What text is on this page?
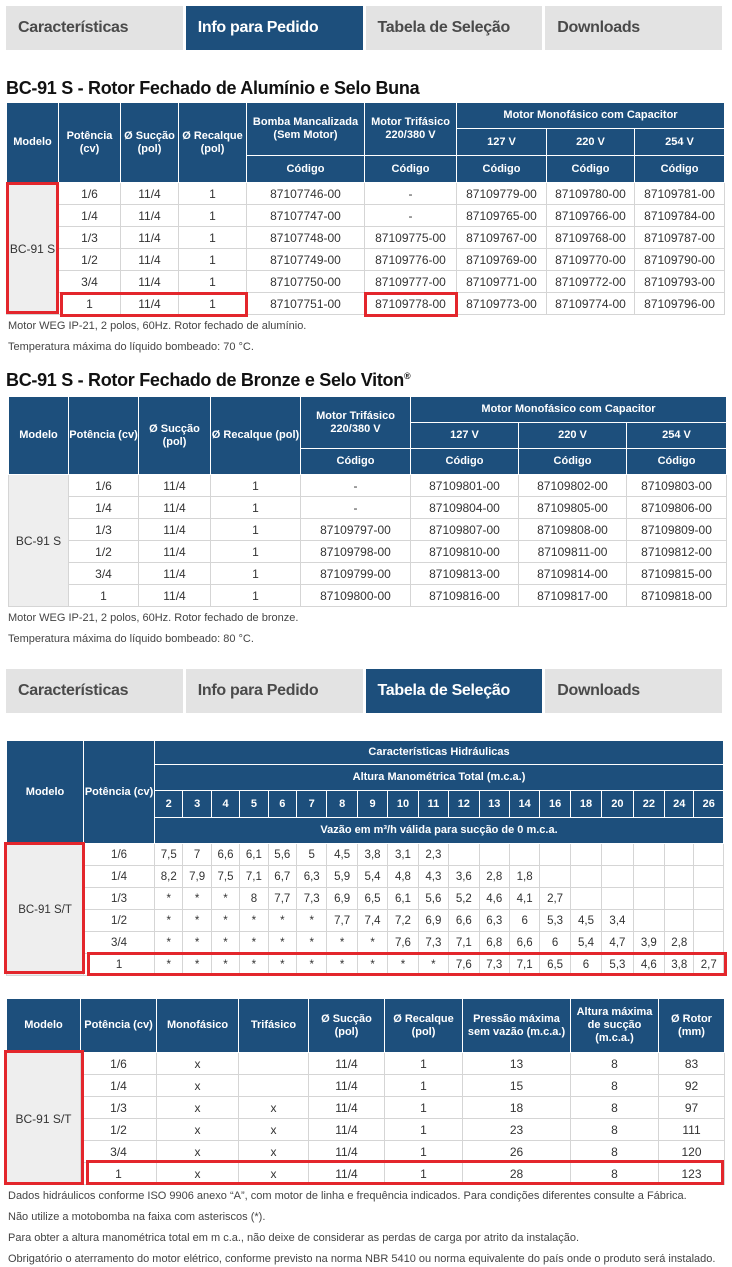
Características	Info para Pedido	Tabela de Seleção	Downloads
BC-91 S - Rotor Fechado de Alumínio e Selo Buna
Modelo	Potência (cv)	Ø Sucção (pol)	Ø Recalque (pol)	Bomba Mancalizada (Sem Motor)	Motor Trifásico 220/380 V	Motor Monofásico com Capacitor		
						127 V	220 V	254 V
				Código	Código	Código	Código	Código
BC-91 S	1/6	11/4	1	87107746-00	-	87109779-00	87109780-00	87109781-00
	1/4	11/4	1	87107747-00	-	87109765-00	87109766-00	87109784-00
	1/3	11/4	1	87107748-00	87109775-00	87109767-00	87109768-00	87109787-00
	1/2	11/4	1	87107749-00	87109776-00	87109769-00	87109770-00	87109790-00
	3/4	11/4	1	87107750-00	87109777-00	87109771-00	87109772-00	87109793-00
	1	11/4	1	87107751-00	87109778-00	87109773-00	87109774-00	87109796-00
Motor WEG IP-21, 2 polos, 60Hz. Rotor fechado de alumínio.
Temperatura máxima do líquido bombeado: 70 °C.
BC-91 S - Rotor Fechado de Bronze e Selo Viton®
Modelo	Potência (cv)	Ø Sucção (pol)	Ø Recalque (pol)	Motor Trifásico 220/380 V	Motor Monofásico com Capacitor		
					127 V	220 V	254 V
				Código	Código	Código	Código
BC-91 S	1/6	11/4	1	-	87109801-00	87109802-00	87109803-00
	1/4	11/4	1	-	87109804-00	87109805-00	87109806-00
	1/3	11/4	1	87109797-00	87109807-00	87109808-00	87109809-00
	1/2	11/4	1	87109798-00	87109810-00	87109811-00	87109812-00
	3/4	11/4	1	87109799-00	87109813-00	87109814-00	87109815-00
	1	11/4	1	87109800-00	87109816-00	87109817-00	87109818-00
Motor WEG IP-21, 2 polos, 60Hz. Rotor fechado de bronze.
Temperatura máxima do líquido bombeado: 80 °C.
Características	Info para Pedido	Tabela de Seleção	Downloads
Modelo	Potência (cv)	Características Hidráulicas																		
		Altura Manométrica Total (m.c.a.)																		
		2	3	4	5	6	7	8	9	10	11	12	13	14	16	18	20	22	24	26
		Vazão em m³/h válida para sucção de 0 m.c.a.																		
BC-91 S/T	1/6	7,5	7	6,6	6,1	5,6	5	4,5	3,8	3,1	2,3									
	1/4	8,2	7,9	7,5	7,1	6,7	6,3	5,9	5,4	4,8	4,3	3,6	2,8	1,8						
	1/3	*	*	*	8	7,7	7,3	6,9	6,5	6,1	5,6	5,2	4,6	4,1	2,7					
	1/2	*	*	*	*	*	*	7,7	7,4	7,2	6,9	6,6	6,3	6	5,3	4,5	3,4			
	3/4	*	*	*	*	*	*	*	*	7,6	7,3	7,1	6,8	6,6	6	5,4	4,7	3,9	2,8	
	1	*	*	*	*	*	*	*	*	*	*	7,6	7,3	7,1	6,5	6	5,3	4,6	3,8	2,7
Modelo	Potência (cv)	Monofásico	Trifásico	Ø Sucção (pol)	Ø Recalque (pol)	Pressão máxima sem vazão (m.c.a.)	Altura máxima de sucção (m.c.a.)	Ø Rotor (mm)
BC-91 S/T	1/6	x		11/4	1	13	8	83
	1/4	x		11/4	1	15	8	92
	1/3	x	x	11/4	1	18	8	97
	1/2	x	x	11/4	1	23	8	111
	3/4	x	x	11/4	1	26	8	120
	1	x	x	11/4	1	28	8	123
Dados hidráulicos conforme ISO 9906 anexo “A”, com motor de linha e frequência indicados. Para condições diferentes consulte a Fábrica.
Não utilize a motobomba na faixa com asteriscos (*).
Para obter a altura manométrica total em m c.a., não deixe de considerar as perdas de carga por atrito da instalação.
Obrigatório o aterramento do motor elétrico, conforme previsto na norma NBR 5410 ou norma equivalente do país onde o produto será instalado.
